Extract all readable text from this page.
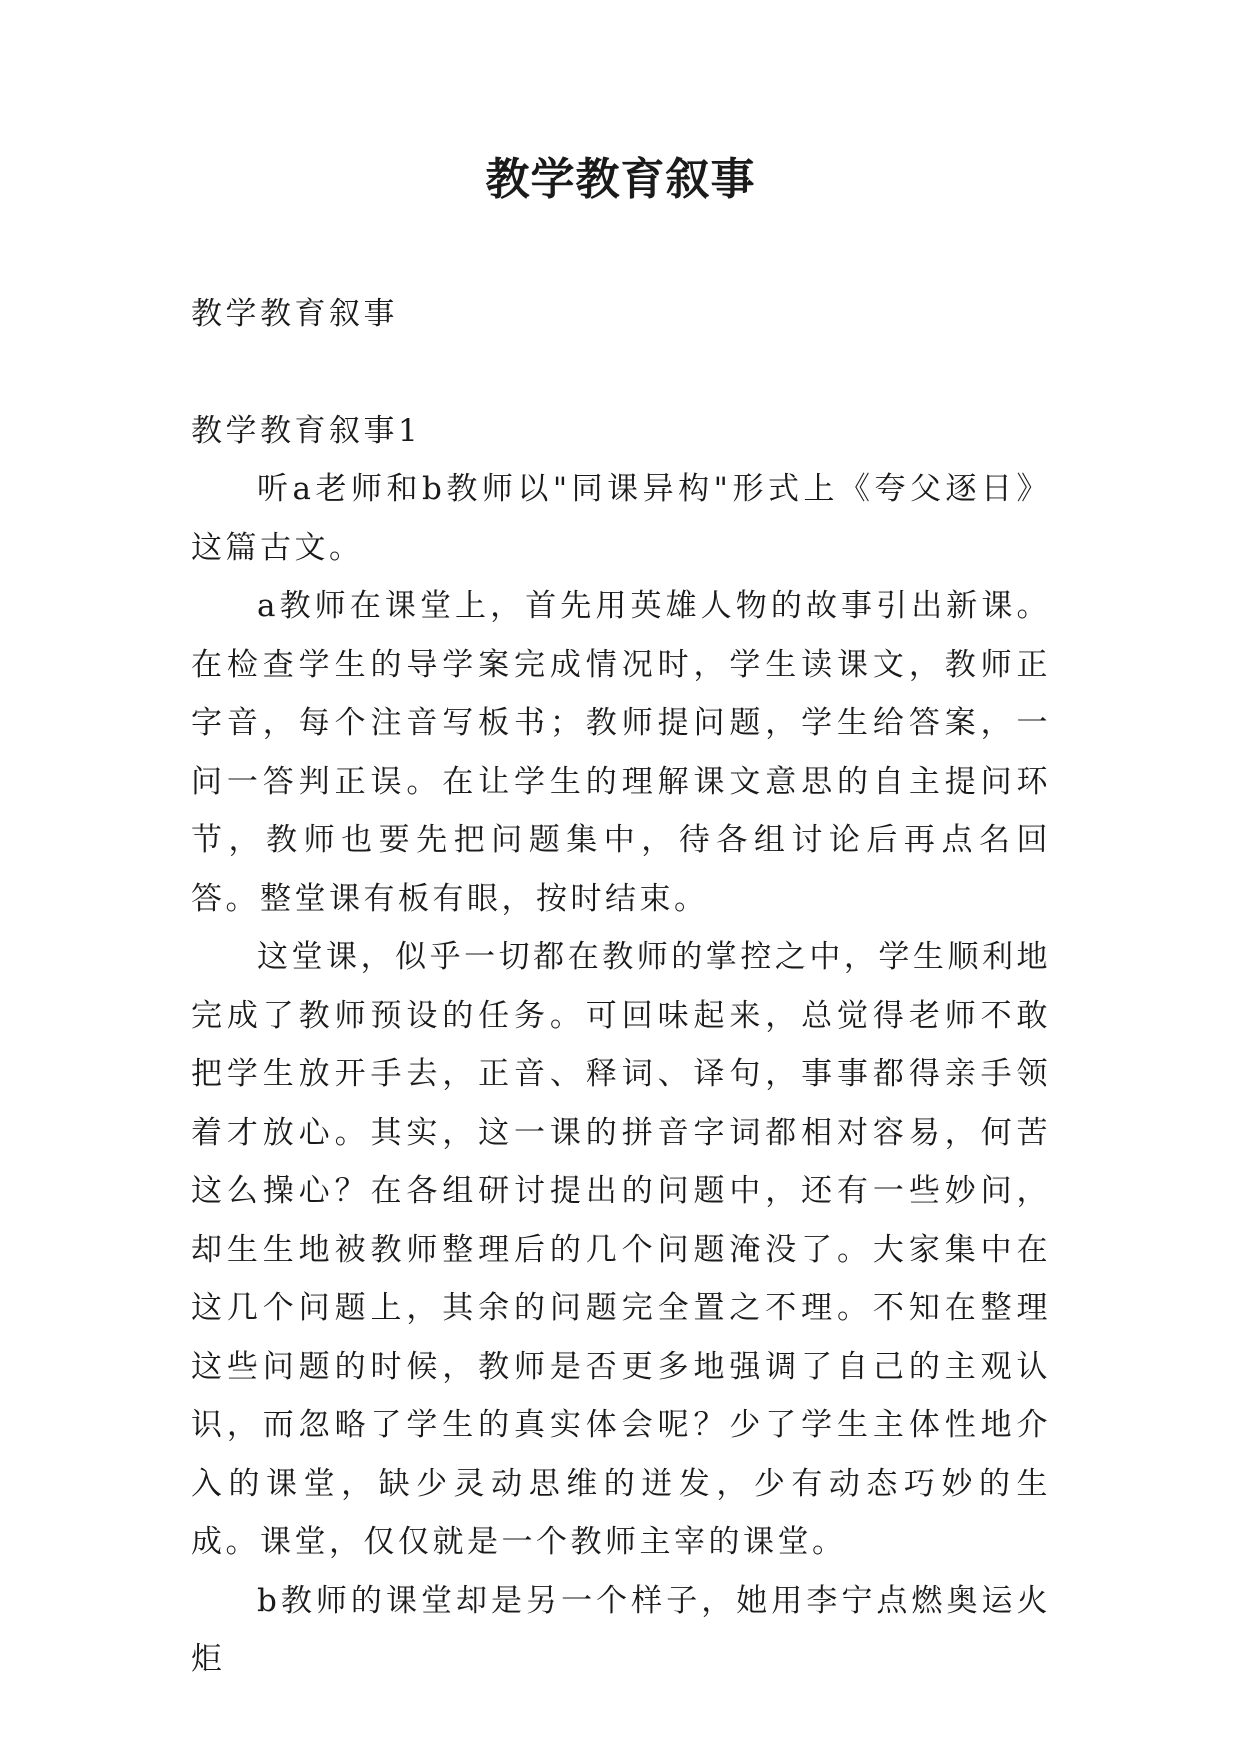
教学教育叙事

教学教育叙事

教学教育叙事1

听a老师和b教师以"同课异构"形式上《夸父逐日》这篇古文。

a教师在课堂上，首先用英雄人物的故事引出新课。在检查学生的导学案完成情况时，学生读课文，教师正字音，每个注音写板书；教师提问题，学生给答案，一问一答判正误。在让学生的理解课文意思的自主提问环节，教师也要先把问题集中，待各组讨论后再点名回答。整堂课有板有眼，按时结束。

这堂课，似乎一切都在教师的掌控之中，学生顺利地完成了教师预设的任务。可回味起来，总觉得老师不敢把学生放开手去，正音、释词、译句，事事都得亲手领着才放心。其实，这一课的拼音字词都相对容易，何苦这么操心？在各组研讨提出的问题中，还有一些妙问，却生生地被教师整理后的几个问题淹没了。大家集中在这几个问题上，其余的问题完全置之不理。不知在整理这些问题的时候，教师是否更多地强调了自己的主观认识，而忽略了学生的真实体会呢？少了学生主体性地介入的课堂，缺少灵动思维的迸发，少有动态巧妙的生成。课堂，仅仅就是一个教师主宰的课堂。

b教师的课堂却是另一个样子，她用李宁点燃奥运火炬
